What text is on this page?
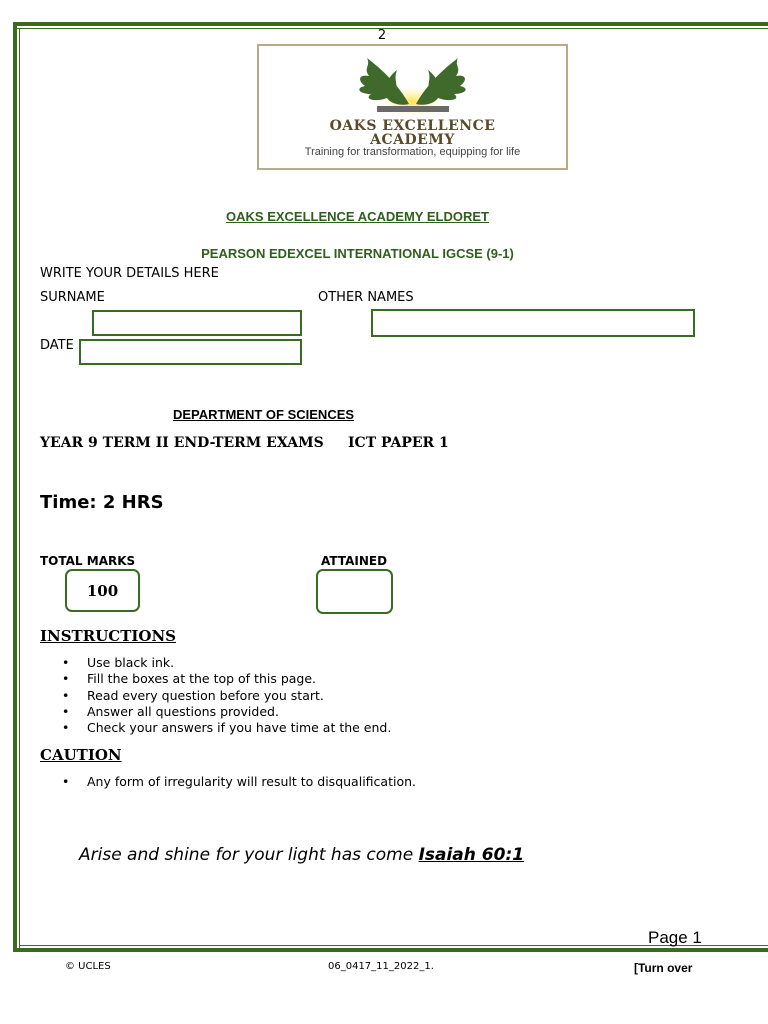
2
OAKS EXCELLENCE
ACADEMY
Training for transformation, equipping for life
OAKS EXCELLENCE ACADEMY ELDORET
PEARSON EDEXCEL INTERNATIONAL IGCSE (9-1)
WRITE YOUR DETAILS HERE
SURNAME	OTHER NAMES
DATE
DEPARTMENT OF SCIENCES
YEAR 9 TERM II END-TERM EXAMS ICT PAPER 1
Time: 2 HRS
TOTAL MARKS	ATTAINED
100
INSTRUCTIONS
• Use black ink.
• Fill the boxes at the top of this page.
• Read every question before you start.
• Answer all questions provided.
• Check your answers if you have time at the end.
CAUTION
• Any form of irregularity will result to disqualification.
Arise and shine for your light has come Isaiah 60:1
Page 1
© UCLES	06_0417_11_2022_1.	[Turn over
